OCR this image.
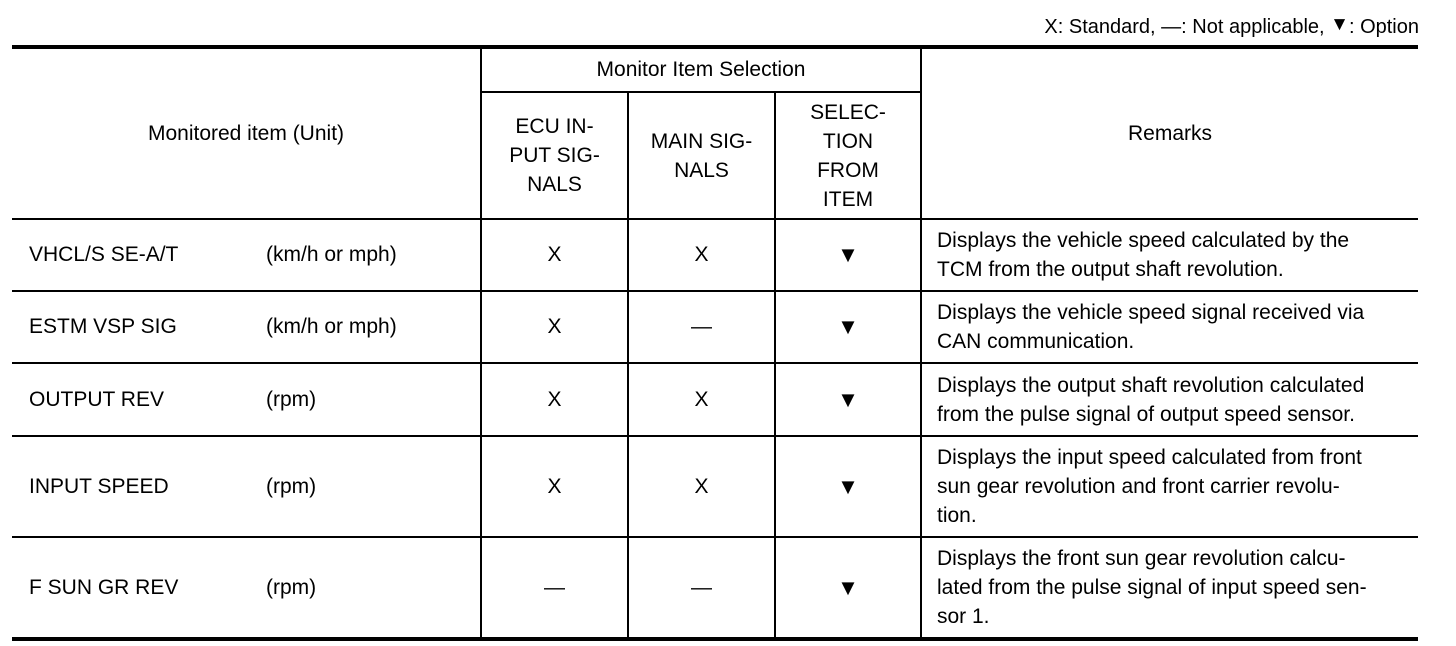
X: Standard, —: Not applicable, ▼: Option
Monitored item (Unit)	Monitor Item Selection			Remarks
	ECU IN-
PUT SIG-
NALS	MAIN SIG-
NALS	SELEC-
TION
FROM
ITEM	
VHCL/S SE-A/T (km/h or mph)	X	X	▼	Displays the vehicle speed calculated by the
TCM from the output shaft revolution.
ESTM VSP SIG (km/h or mph)	X	—	▼	Displays the vehicle speed signal received via
CAN communication.
OUTPUT REV (rpm)	X	X	▼	Displays the output shaft revolution calculated
from the pulse signal of output speed sensor.
INPUT SPEED (rpm)	X	X	▼	Displays the input speed calculated from front
sun gear revolution and front carrier revolu-
tion.
F SUN GR REV (rpm)	—	—	▼	Displays the front sun gear revolution calcu-
lated from the pulse signal of input speed sen-
sor 1.
